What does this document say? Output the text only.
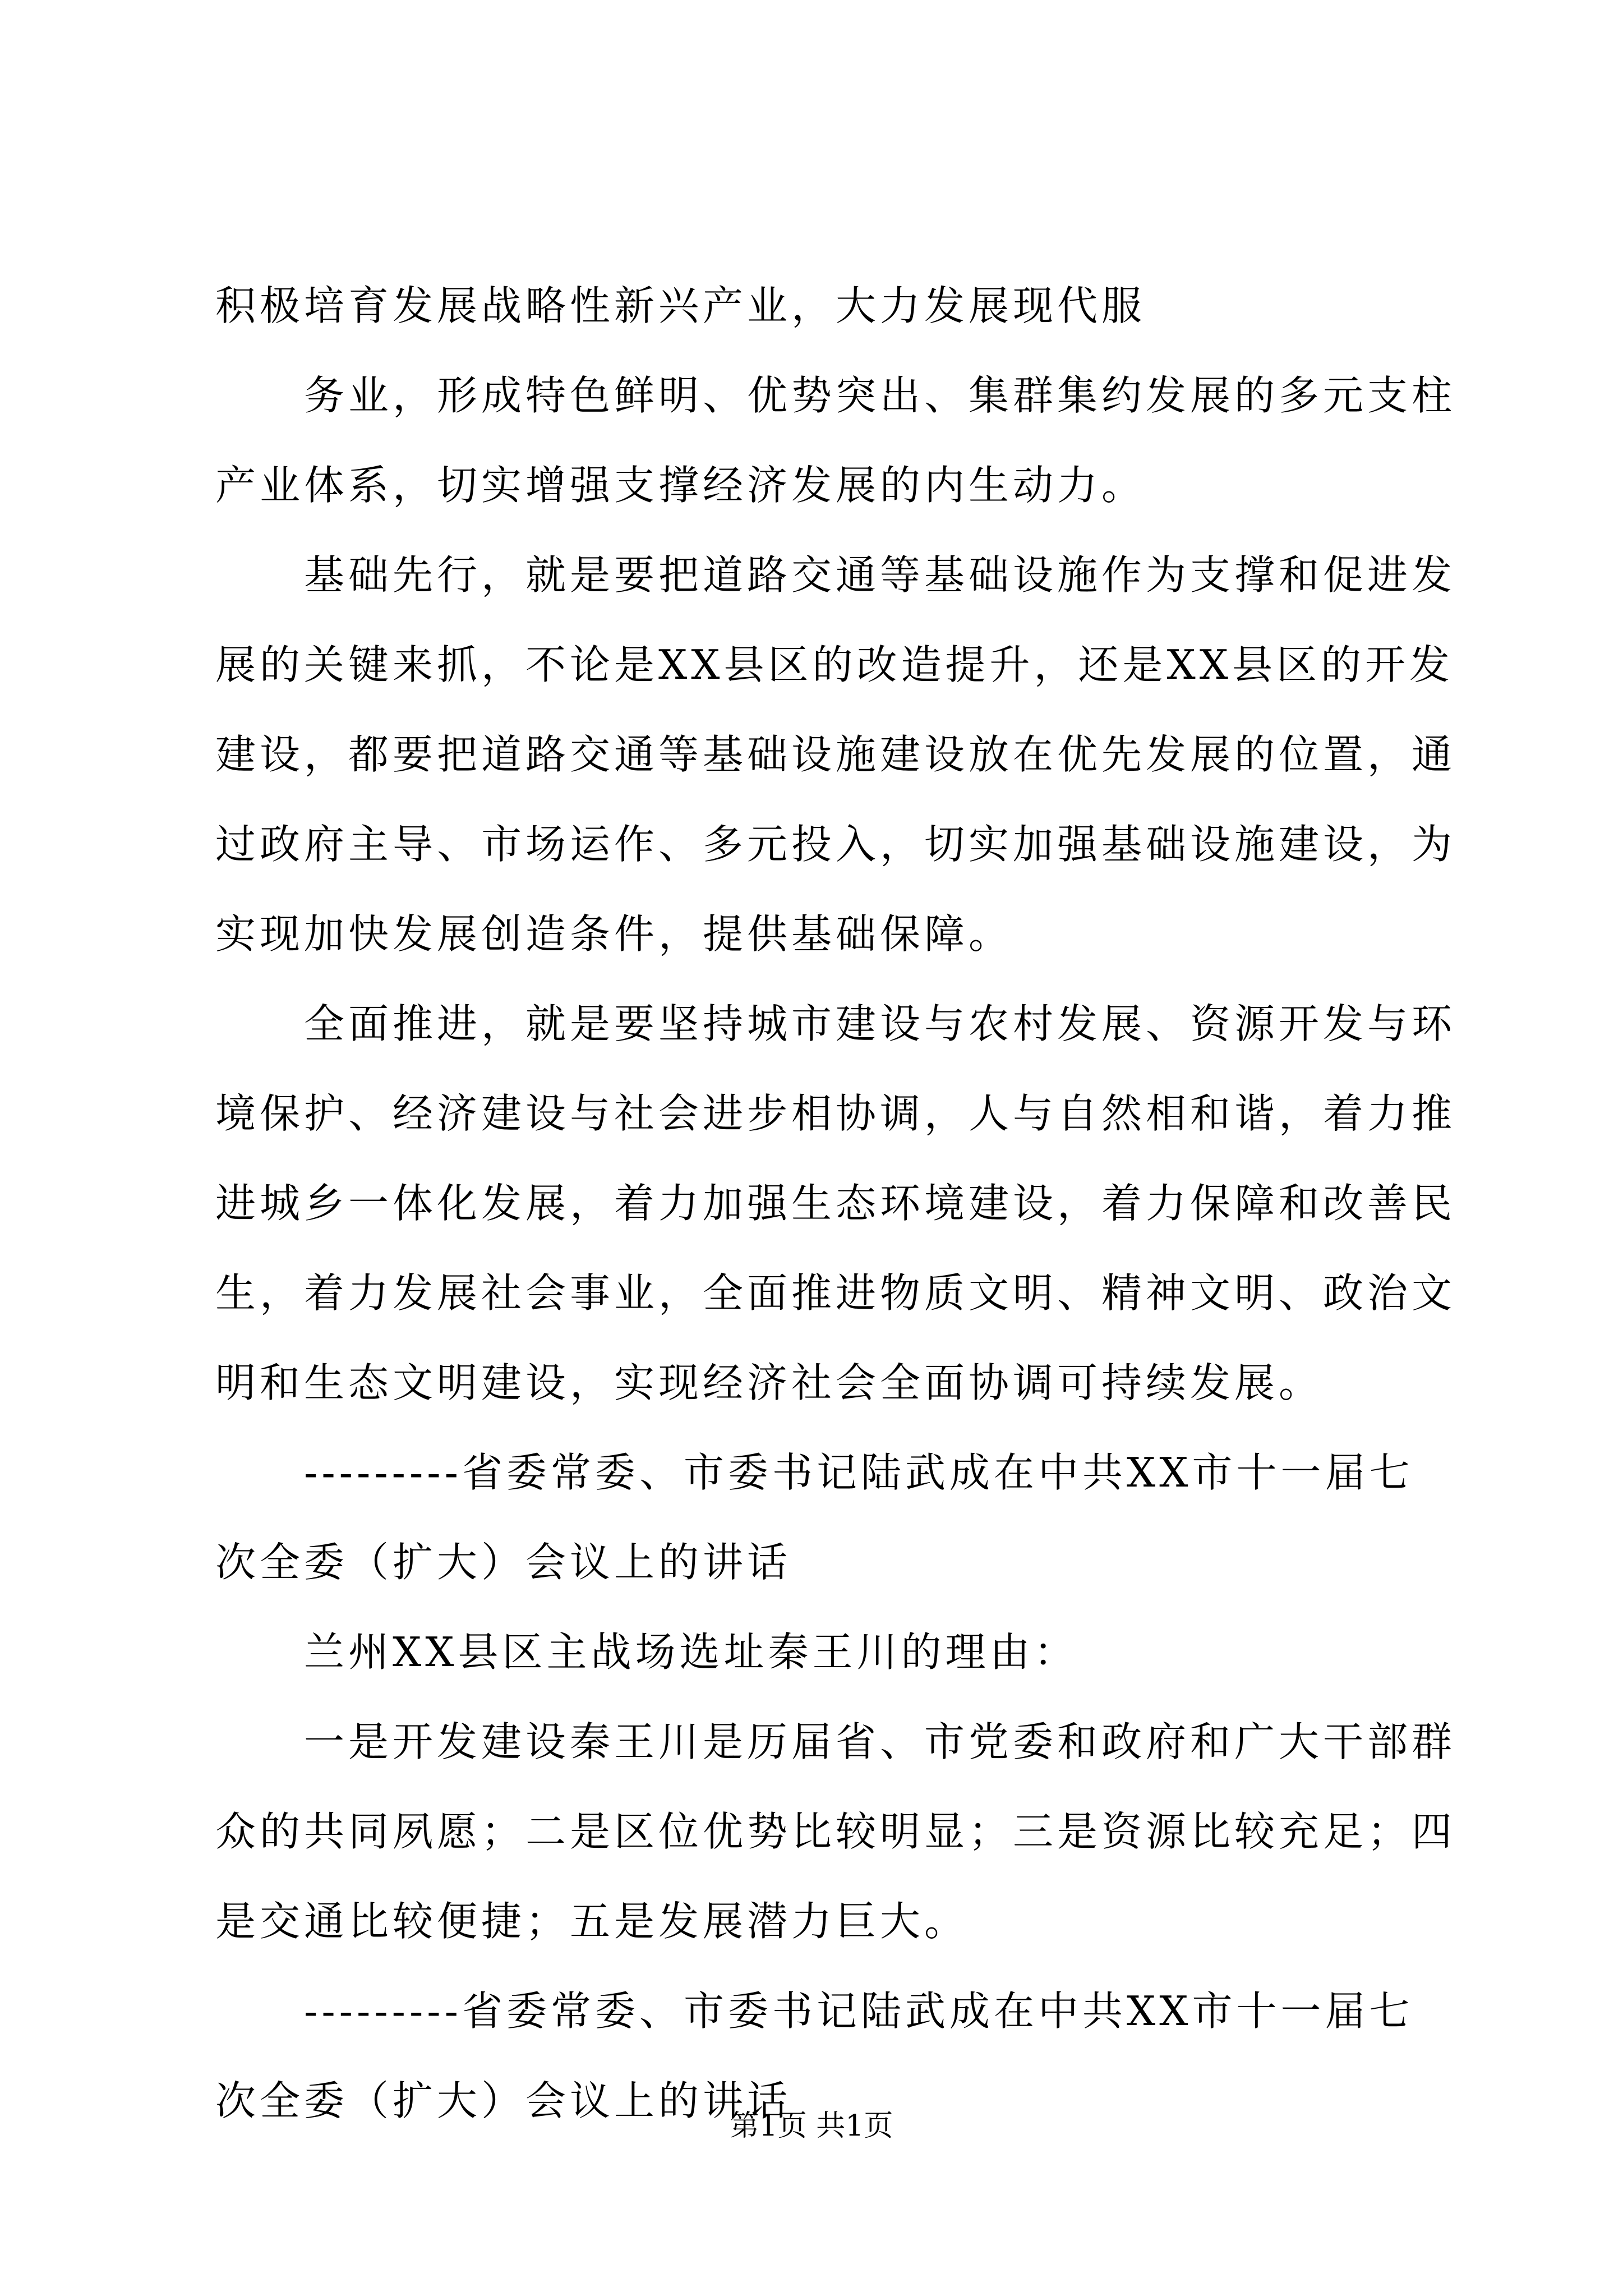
积极培育发展战略性新兴产业，大力发展现代服
务业，形成特色鲜明、优势突出、集群集约发展的多元支柱
产业体系，切实增强支撑经济发展的内生动力。
基础先行，就是要把道路交通等基础设施作为支撑和促进发
展的关键来抓，不论是XX县区的改造提升，还是XX县区的开发
建设，都要把道路交通等基础设施建设放在优先发展的位置，通
过政府主导、市场运作、多元投入，切实加强基础设施建设，为
实现加快发展创造条件，提供基础保障。
全面推进，就是要坚持城市建设与农村发展、资源开发与环
境保护、经济建设与社会进步相协调，人与自然相和谐，着力推
进城乡一体化发展，着力加强生态环境建设，着力保障和改善民
生，着力发展社会事业，全面推进物质文明、精神文明、政治文
明和生态文明建设，实现经济社会全面协调可持续发展。
---------省委常委、市委书记陆武成在中共XX市十一届七
次全委（扩大）会议上的讲话
兰州XX县区主战场选址秦王川的理由：
一是开发建设秦王川是历届省、市党委和政府和广大干部群
众的共同夙愿；二是区位优势比较明显；三是资源比较充足；四
是交通比较便捷；五是发展潜力巨大。
---------省委常委、市委书记陆武成在中共XX市十一届七
次全委（扩大）会议上的讲话
第1页 共1页
